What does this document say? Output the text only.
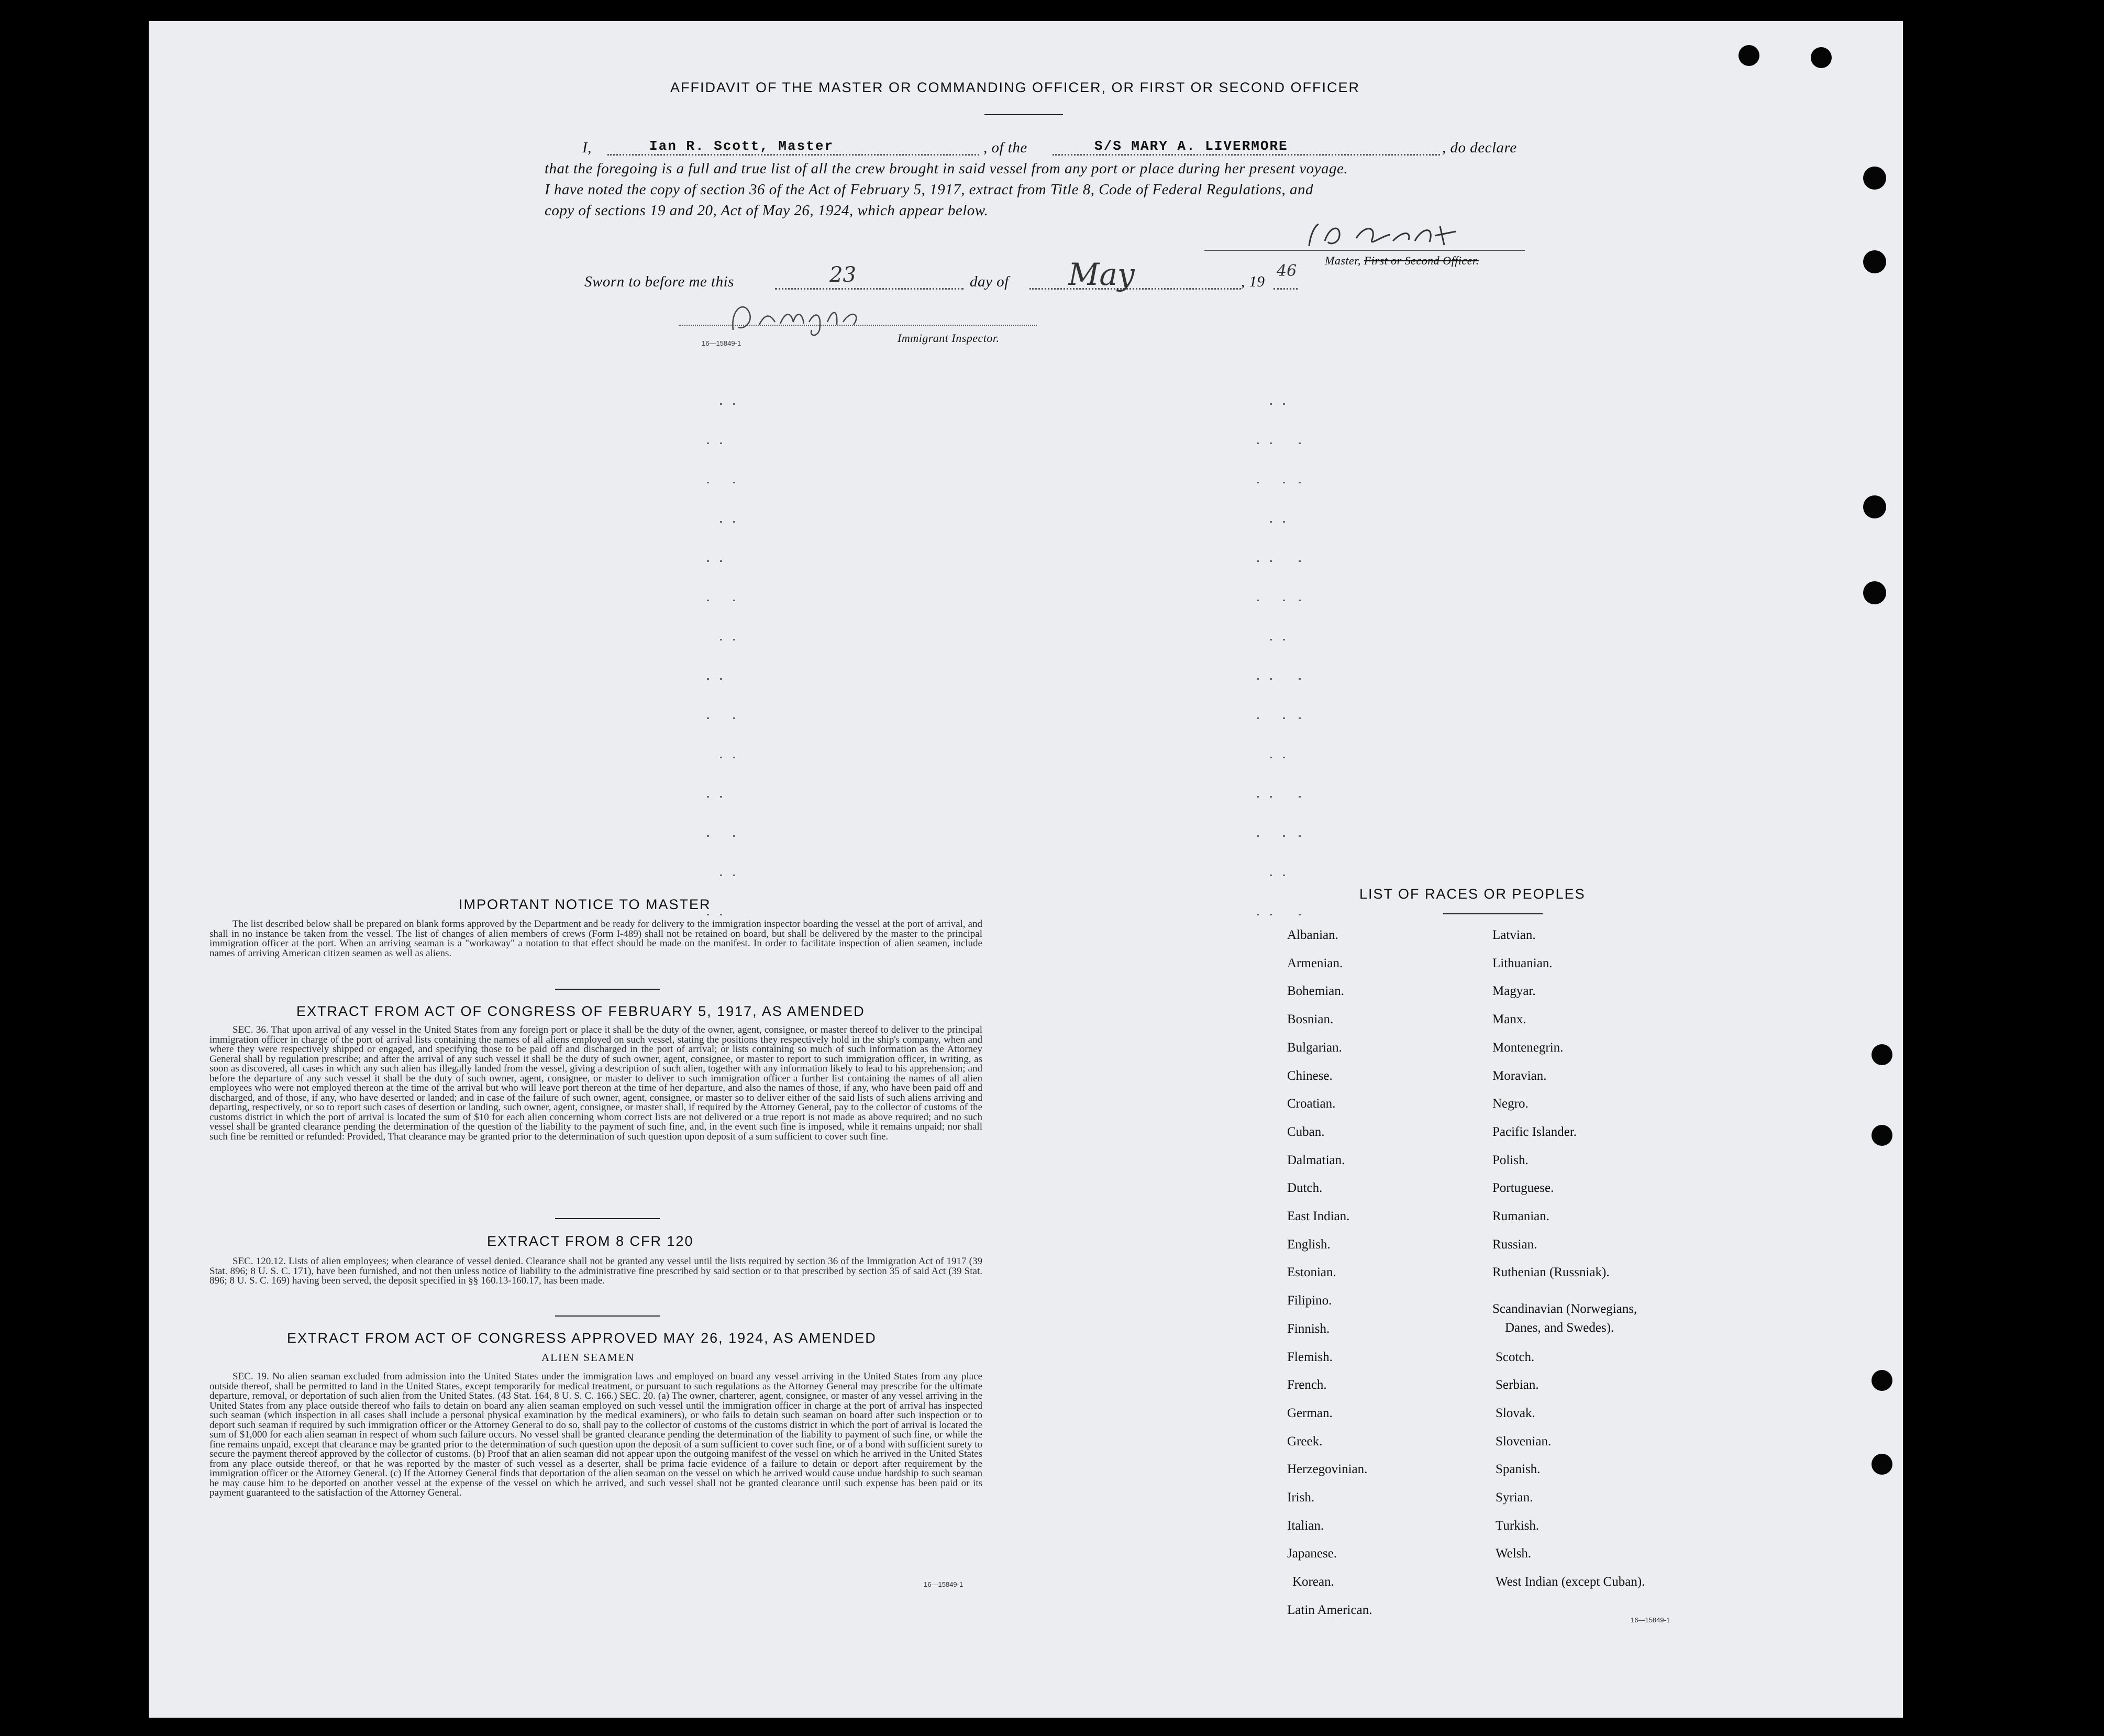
AFFIDAVIT OF THE MASTER OR COMMANDING OFFICER, OR FIRST OR SECOND OFFICER
I,	Ian R. Scott, Master	, of the	S/S MARY A. LIVERMORE	, do declare
that the foregoing is a full and true list of all the crew brought in said vessel from any port or place during her present voyage.
I have noted the copy of section 36 of the Act of February 5, 1917, extract from Title 8, Code of Federal Regulations, and
copy of sections 19 and 20, Act of May 26, 1924, which appear below.
Master, First or Second Officer.
Sworn to before me this	23	day of May	, 19
46
Immigrant Inspector.
16—15849-1
IMPORTANT NOTICE TO MASTER
The list described below shall be prepared on blank forms approved by the Department and be ready for delivery to the immigration inspector boarding the vessel at the port of arrival, and shall in no instance be taken from the vessel. The list of changes of alien members of crews (Form I-489) shall not be retained on board, but shall be delivered by the master to the principal immigration officer at the port. When an arriving seaman is a "workaway" a notation to that effect should be made on the manifest. In order to facilitate inspection of alien seamen, include names of arriving American citizen seamen as well as aliens.
EXTRACT FROM ACT OF CONGRESS OF FEBRUARY 5, 1917, AS AMENDED
SEC. 36. That upon arrival of any vessel in the United States from any foreign port or place it shall be the duty of the owner, agent, consignee, or master thereof to deliver to the principal immigration officer in charge of the port of arrival lists containing the names of all aliens employed on such vessel, stating the positions they respectively hold in the ship's company, when and where they were respectively shipped or engaged, and specifying those to be paid off and discharged in the port of arrival; or lists containing so much of such information as the Attorney General shall by regulation prescribe; and after the arrival of any such vessel it shall be the duty of such owner, agent, consignee, or master to report to such immigration officer, in writing, as soon as discovered, all cases in which any such alien has illegally landed from the vessel, giving a description of such alien, together with any information likely to lead to his apprehension; and before the departure of any such vessel it shall be the duty of such owner, agent, consignee, or master to deliver to such immigration officer a further list containing the names of all alien employees who were not employed thereon at the time of the arrival but who will leave port thereon at the time of her departure, and also the names of those, if any, who have been paid off and discharged, and of those, if any, who have deserted or landed; and in case of the failure of such owner, agent, consignee, or master so to deliver either of the said lists of such aliens arriving and departing, respectively, or so to report such cases of desertion or landing, such owner, agent, consignee, or master shall, if required by the Attorney General, pay to the collector of customs of the customs district in which the port of arrival is located the sum of $10 for each alien concerning whom correct lists are not delivered or a true report is not made as above required; and no such vessel shall be granted clearance pending the determination of the question of the liability to the payment of such fine, and, in the event such fine is imposed, while it remains unpaid; nor shall such fine be remitted or refunded: Provided, That clearance may be granted prior to the determination of such question upon deposit of a sum sufficient to cover such fine.
EXTRACT FROM 8 CFR 120
SEC. 120.12. Lists of alien employees; when clearance of vessel denied. Clearance shall not be granted any vessel until the lists required by section 36 of the Immigration Act of 1917 (39 Stat. 896; 8 U. S. C. 171), have been furnished, and not then unless notice of liability to the administrative fine prescribed by said section or to that prescribed by section 35 of said Act (39 Stat. 896; 8 U. S. C. 169) having been served, the deposit specified in §§ 160.13-160.17, has been made.
EXTRACT FROM ACT OF CONGRESS APPROVED MAY 26, 1924, AS AMENDED
ALIEN SEAMEN
SEC. 19. No alien seaman excluded from admission into the United States under the immigration laws and employed on board any vessel arriving in the United States from any place outside thereof, shall be permitted to land in the United States, except temporarily for medical treatment, or pursuant to such regulations as the Attorney General may prescribe for the ultimate departure, removal, or deportation of such alien from the United States. (43 Stat. 164, 8 U. S. C. 166.) SEC. 20. (a) The owner, charterer, agent, consignee, or master of any vessel arriving in the United States from any place outside thereof who fails to detain on board any alien seaman employed on such vessel until the immigration officer in charge at the port of arrival has inspected such seaman (which inspection in all cases shall include a personal physical examination by the medical examiners), or who fails to detain such seaman on board after such inspection or to deport such seaman if required by such immigration officer or the Attorney General to do so, shall pay to the collector of customs of the customs district in which the port of arrival is located the sum of $1,000 for each alien seaman in respect of whom such failure occurs. No vessel shall be granted clearance pending the determination of the liability to payment of such fine, or while the fine remains unpaid, except that clearance may be granted prior to the determination of such question upon the deposit of a sum sufficient to cover such fine, or of a bond with sufficient surety to secure the payment thereof approved by the collector of customs. (b) Proof that an alien seaman did not appear upon the outgoing manifest of the vessel on which he arrived in the United States from any place outside thereof, or that he was reported by the master of such vessel as a deserter, shall be prima facie evidence of a failure to detain or deport after requirement by the immigration officer or the Attorney General. (c) If the Attorney General finds that deportation of the alien seaman on the vessel on which he arrived would cause undue hardship to such seaman he may cause him to be deported on another vessel at the expense of the vessel on which he arrived, and such vessel shall not be granted clearance until such expense has been paid or its payment guaranteed to the satisfaction of the Attorney General.
16—15849-1
LIST OF RACES OR PEOPLES
Albanian.
Armenian.
Bohemian.
Bosnian.
Bulgarian.
Chinese.
Croatian.
Cuban.
Dalmatian.
Dutch.
East Indian.
English.
Estonian.
Filipino.
Finnish.
Flemish.
French.
German.
Greek.
Herzegovinian.
Irish.
Italian.
Japanese.
Korean.
Latin American.
Latvian.
Lithuanian.
Magyar.
Manx.
Montenegrin.
Moravian.
Negro.
Pacific Islander.
Polish.
Portuguese.
Rumanian.
Russian.
Ruthenian (Russniak).
Scandinavian (Norwegians,
Danes, and Swedes).
Scotch.
Serbian.
Slovak.
Slovenian.
Spanish.
Syrian.
Turkish.
Welsh.
West Indian (except Cuban).
16—15849-1
